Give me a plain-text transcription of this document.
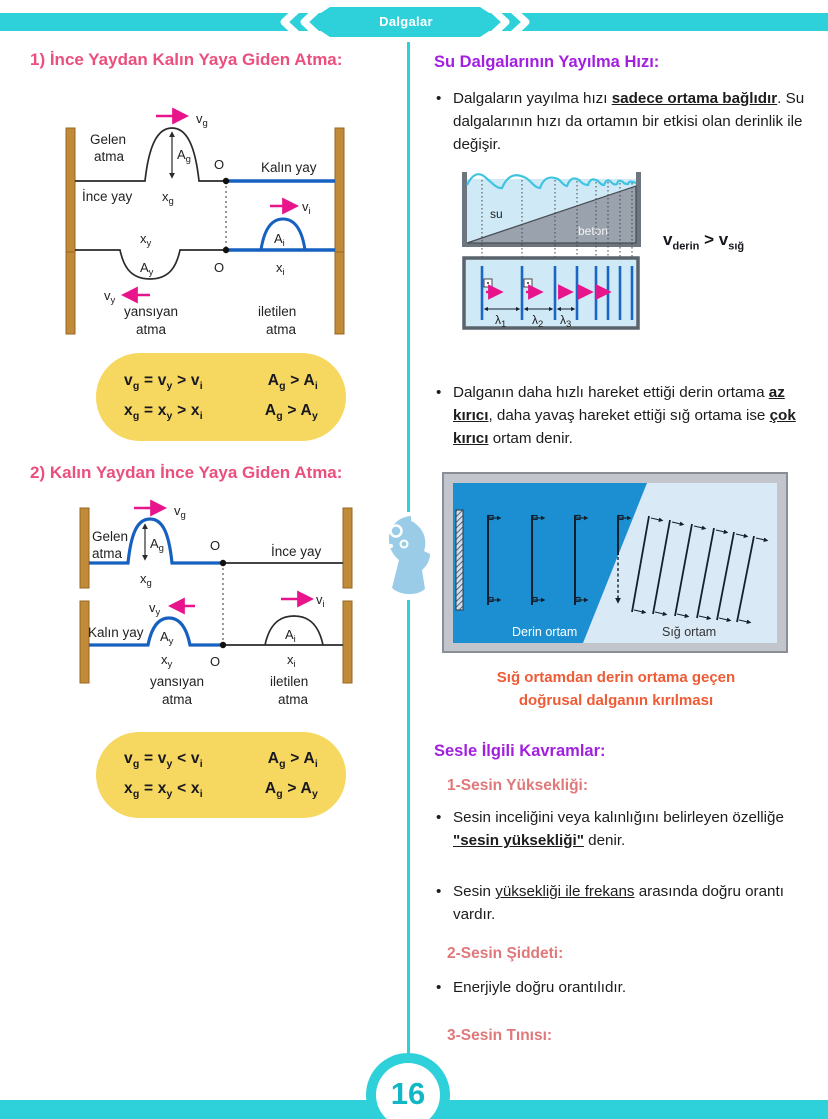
Dalgalar
1) İnce Yaydan Kalın Yaya Giden Atma:
Gelen
atma
$v_g$
$A_g$ O	Kalın yay
İnce yay $x_g$
$x_y$
$A_y$
$v_y$
O
$A_i$
$v_i$
$x_i$
yansıyan
atma
iletilen
atma
$v_g = v_y > v_i$	$A_g > A_i$
$x_g = x_y > x_i$	$A_g > A_y$
2) Kalın Yaydan İnce Yaya Giden Atma:
Gelen
atma
$v_g$
$A_g$	O	İnce yay
$x_g$
Kalın yay
$v_y$
$A_y$
$x_y$	O
$A_i$
$v_i$
$x_i$
yansıyan
atma
iletilen
atma
$v_g = v_y < v_i$	$A_g > A_i$
$x_g = x_y < x_i$	$A_g > A_y$
Su Dalgalarının Yayılma Hızı:
• Dalgaların yayılma hızı sadece ortama bağlıdır. Su dalgalarının hızı da ortamın bir etkisi olan derinlik ile değişir.

su
beton
$\lambda_1$ $\lambda_2$ $\lambda_3$
$v_{derin} > v_{sığ}$
• Dalganın daha hızlı hareket ettiği derin ortama az kırıcı, daha yavaş hareket ettiği sığ ortama ise çok kırıcı ortam denir.

Derin ortam	Sığ ortam
Sığ ortamdan derin ortama geçen
doğrusal dalganın kırılması
Sesle İlgili Kavramlar:
1-Sesin Yüksekliği:
• Sesin inceliğini veya kalınlığını belirleyen özelliğe "sesin yüksekliği" denir.

• Sesin yüksekliği ile frekans arasında doğru orantı vardır.

2-Sesin Şiddeti:
• Enerjiyle doğru orantılıdır.

3-Sesin Tınısı:
16
